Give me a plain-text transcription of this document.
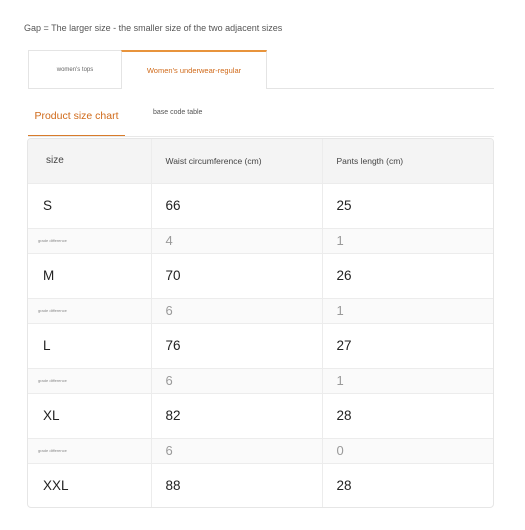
Gap = The larger size - the smaller size of the two adjacent sizes
women's tops	Women's underwear-regular
Product size chart	base code table
size	Waist circumference (cm)	Pants length (cm)
S	66	25
grade difference	4	1
M	70	26
grade difference	6	1
L	76	27
grade difference	6	1
XL	82	28
grade difference	6	0
XXL	88	28
